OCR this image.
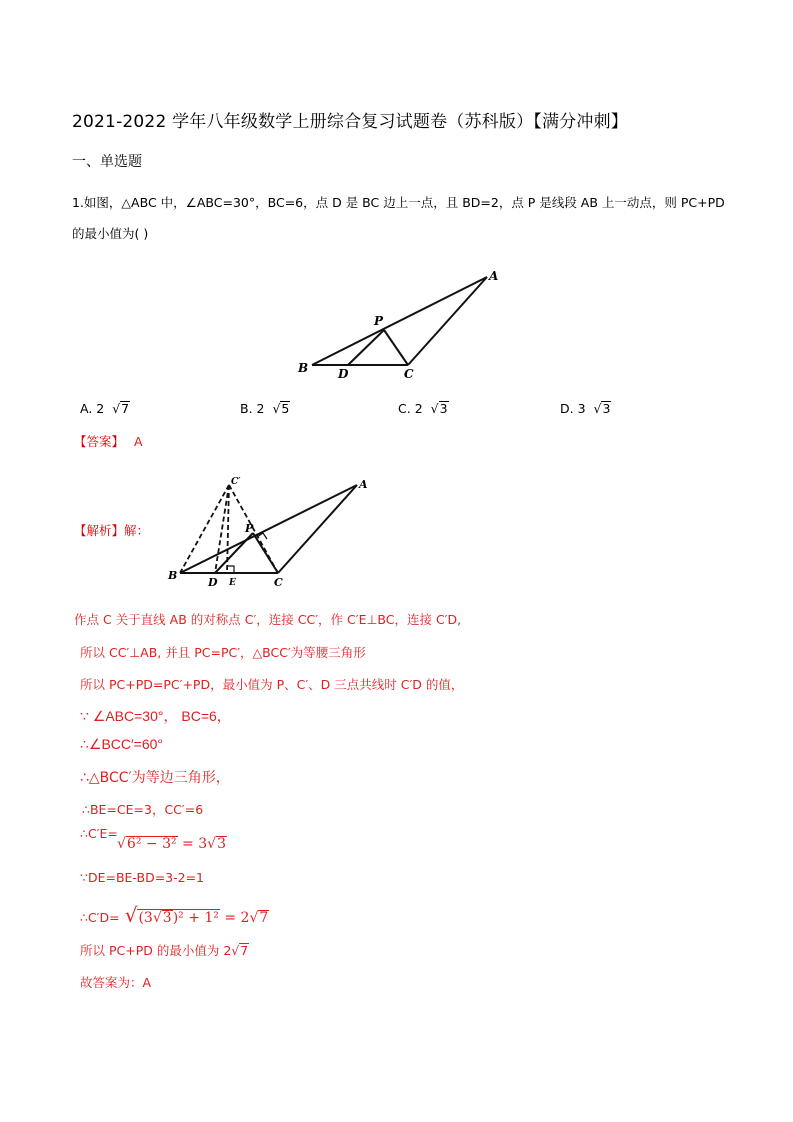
2021-2022 学年八年级数学上册综合复习试题卷（苏科版）【满分冲刺】
一、单选题
1.如图，△ABC 中，∠ABC=30°，BC=6，点 D 是 BC 边上一点，且 BD=2，点 P 是线段 AB 上一动点，则 PC+PD
的最小值为( )
A
B	C
D
P
A. 2 √7	B. 2 √5	C. 2 √3	D. 3 √3
【答案】 A
【解析】解：
C′	A
B
C
D
P
E
作点 C 关于直线 AB 的对称点 C′，连接 CC′，作 C′E⊥BC，连接 C′D,
所以 CC′⊥AB, 并且 PC=PC′，△BCC′为等腰三角形
所以 PC+PD=PC′+PD，最小值为 P、C′、D 三点共线时 C′D 的值，
∵ ∠ABC=30°， BC=6，
∴∠BCC′=60°
∴△BCC′为等边三角形，
∴BE=CE=3，CC′=6
∴C′E=
√6² − 3² = 3√3
∵DE=BE-BD=3-2=1
∴C′D= √(3√3)² + 1² = 2√7
所以 PC+PD 的最小值为 2√7
故答案为：A
